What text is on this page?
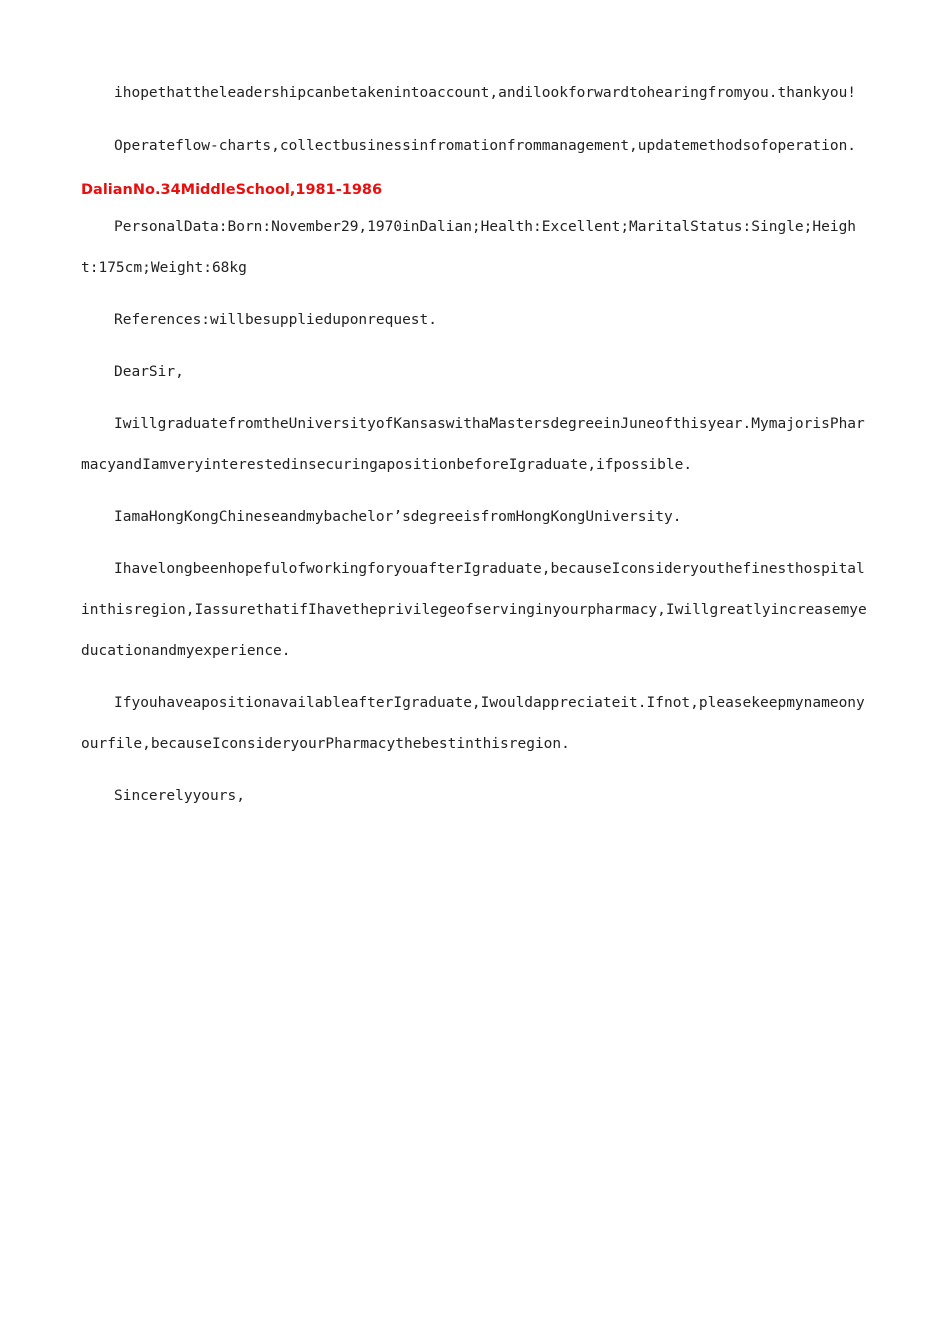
ihopethattheleadershipcanbetakenintoaccount,andilookforwardtohearingfromyou.thankyou!

Operateflow-charts,collectbusinessinfromationfrommanagement,updatemethodsofoperation.

DalianNo.34MiddleSchool,1981-1986

PersonalData:Born:November29,1970inDalian;Health:Excellent;MaritalStatus:Single;Height:175cm;Weight:68kg

References:willbesupplieduponrequest.

DearSir,

IwillgraduatefromtheUniversityofKansaswithaMastersdegreeinJuneofthisyear.MymajorisPharmacyandIamveryinterestedinsecuringapositionbeforeIgraduate,ifpossible.

IamaHongKongChineseandmybachelor’sdegreeisfromHongKongUniversity.

IhavelongbeenhopefulofworkingforyouafterIgraduate,becauseIconsideryouthefinesthospitalinthisregion,IassurethatifIhavetheprivilegeofservinginyourpharmacy,Iwillgreatlyincreasemyeducationandmyexperience.

IfyouhaveapositionavailableafterIgraduate,Iwouldappreciateit.Ifnot,pleasekeepmynameonyourfile,becauseIconsideryourPharmacythebestinthisregion.

Sincerelyyours,
